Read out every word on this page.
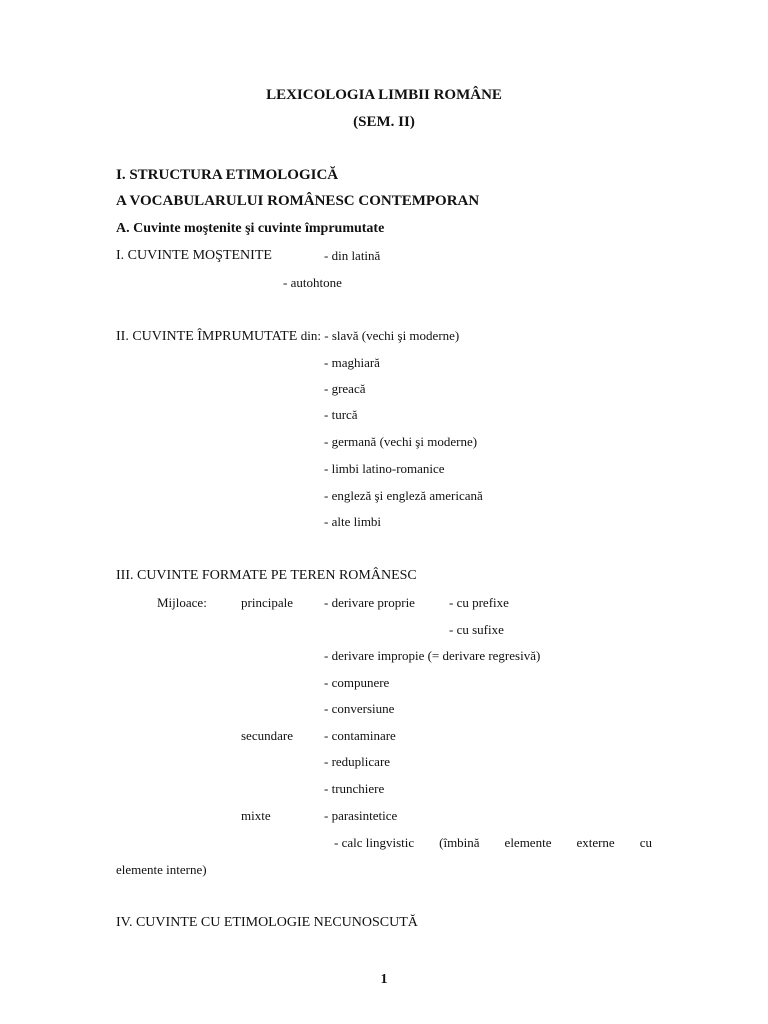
LEXICOLOGIA LIMBII ROMÂNE
(SEM. II)
I. STRUCTURA ETIMOLOGICĂ
A VOCABULARULUI ROMÂNESC CONTEMPORAN
A. Cuvinte moştenite şi cuvinte împrumutate
I. CUVINTE MOŞTENITE	- din latină
- autohtone
II. CUVINTE ÎMPRUMUTATE din: - slavă (vechi şi moderne)
- maghiară
- greacă
- turcă
- germană (vechi şi moderne)
- limbi latino-romanice
- engleză şi engleză americană
- alte limbi
III. CUVINTE FORMATE PE TEREN ROMÂNESC
Mijloace:	principale - derivare proprie	- cu prefixe
- cu sufixe
- derivare impropie (= derivare regresivă)
- compunere
- conversiune
secundare - contaminare
- reduplicare
- trunchiere
mixte	- parasintetice
- calc lingvistic (îmbină elemente externe cu
elemente interne)
IV. CUVINTE CU ETIMOLOGIE NECUNOSCUTĂ
1
